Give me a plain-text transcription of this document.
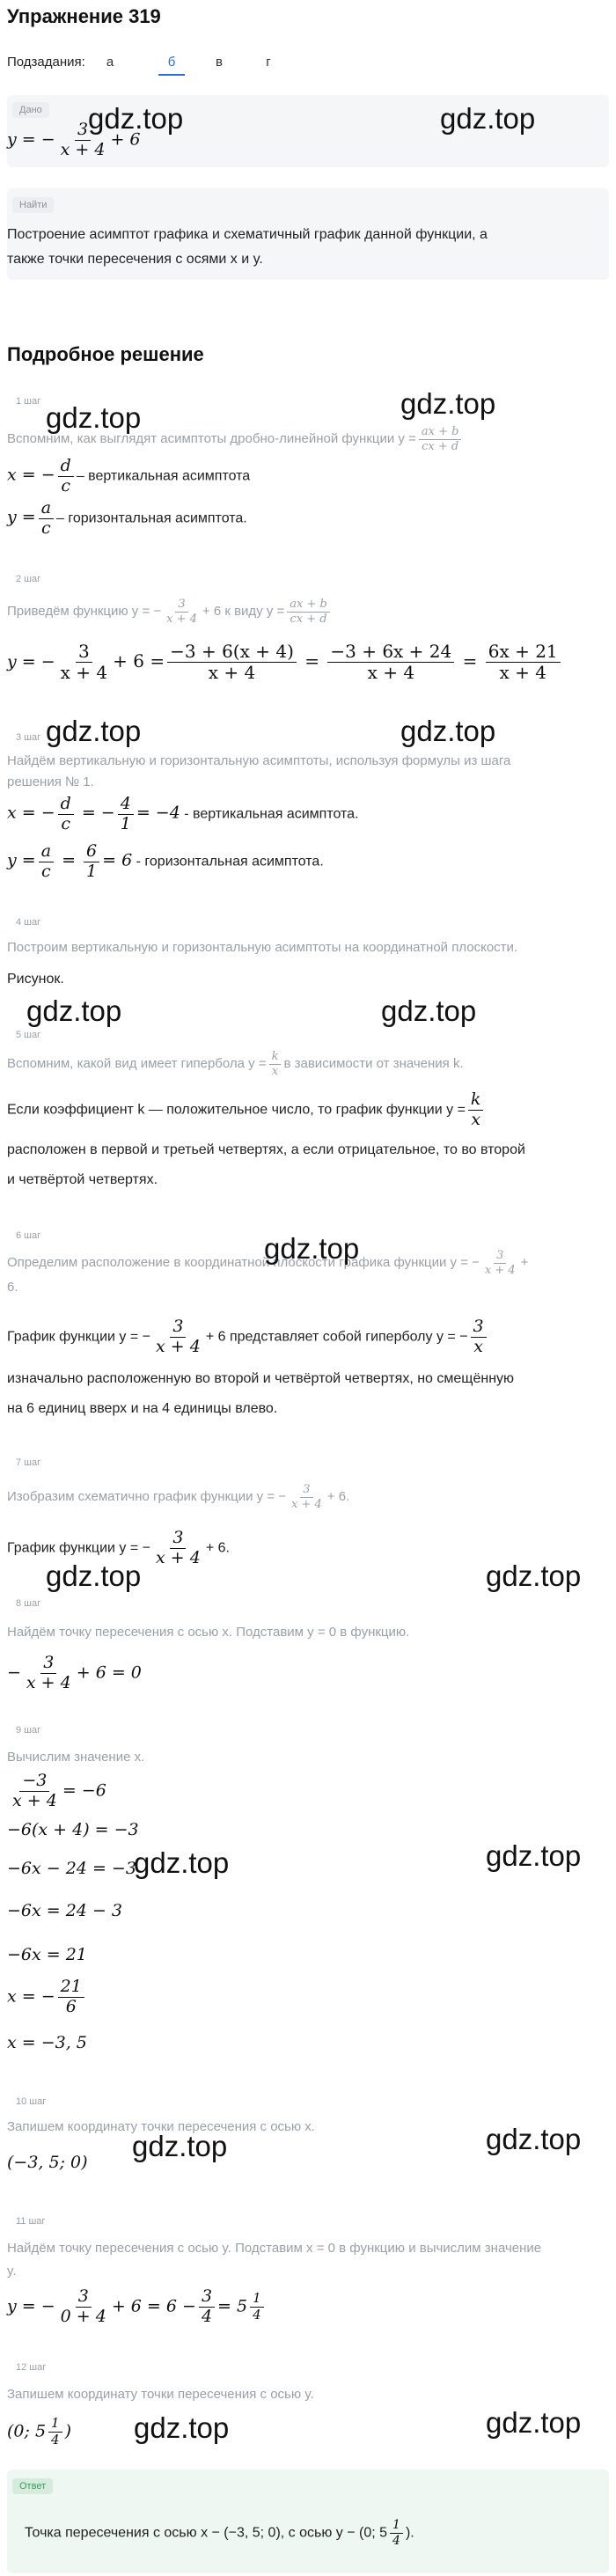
Упражнение 319
Подзадания:	а	б	в	г
Дано
y = − $\frac{3}{x + 4} + 6$
Найти
Построение асимптот графика и схематичный график данной функции, а
также точки пересечения с осями x и y.
Подробное решение
1 шаг
Вспомним, как выглядят асимптоты дробно-линейной функции $y = \frac{ax + b}{cx + d}$
x = − $\frac{d}{c}$ – вертикальная асимптота
$y = \frac{a}{c}$ – горизонтальная асимптота.
2 шаг
Приведём функцию y = − $\frac{3}{x + 4} + 6$ к виду $y = \frac{ax + b}{cx + d}$
y = − $\frac{3}{x + 4} + 6 = \frac{-3 + 6(x + 4)}{x + 4} = \frac{-3 + 6x + 24}{x + 4} = \frac{6x + 21}{x + 4}$
3 шаг
Найдём вертикальную и горизонтальную асимптоты, используя формулы из шага
решения № 1.
x = − $\frac{d}{c}$ = − $\frac{4}{1} = -4$ - вертикальная асимптота.
$y = \frac{a}{c} = \frac{6}{1} = 6$ - горизонтальная асимптота.
4 шаг
Построим вертикальную и горизонтальную асимптоты на координатной плоскости.
Рисунок.
5 шаг
Вспомним, какой вид имеет гипербола $y = \frac{k}{x}$ в зависимости от значения k.
Если коэффициент k — положительное число, то график функции $y = \frac{k}{x}$
расположен в первой и третьей четвертях, а если отрицательное, то во второй
и четвёртой четвертях.
6 шаг
Определим расположение в координатной плоскости графика функции y = − $\frac{3}{x + 4}$ +
6.
График функции y = − $\frac{3}{x + 4} + 6$ представляет собой гиперболу y = − $\frac{3}{x}$
изначально расположенную во второй и четвёртой четвертях, но смещённую
на 6 единиц вверх и на 4 единицы влево.
7 шаг
Изобразим схематично график функции y = − $\frac{3}{x + 4} + 6$.
График функции y = − $\frac{3}{x + 4} + 6$.
8 шаг
Найдём точку пересечения с осью x. Подставим y = 0 в функцию.
− $\frac{3}{x + 4} + 6 = 0$
9 шаг
Вычислим значение x.
$\frac{-3}{x + 4} = -6$
−6(x + 4) = −3
−6x − 24 = −3
−6x = 24 − 3
−6x = 21
x = − $\frac{21}{6}$
x = −3, 5
10 шаг
Запишем координату точки пересечения с осью x.
(−3, 5; 0)
11 шаг
Найдём точку пересечения с осью y. Подставим x = 0 в функцию и вычислим значение
y.
y = − $\frac{3}{0 + 4} + 6 = 6 - \frac{3}{4} = 5 \frac{1}{4}$
12 шаг
Запишем координату точки пересечения с осью y.
(0; $5 \frac{1}{4}$ )
Ответ
Точка пересечения с осью x − (−3, 5; 0), с осью y − (0; $5 \frac{1}{4}$ ).
gdz.top	gdz.top
gdz.top
gdz.top
gdz.top	gdz.top
gdz.top	gdz.top
gdz.top
gdz.top	gdz.top
gdz.top	gdz.top
gdz.top	gdz.top
gdz.top	gdz.top
